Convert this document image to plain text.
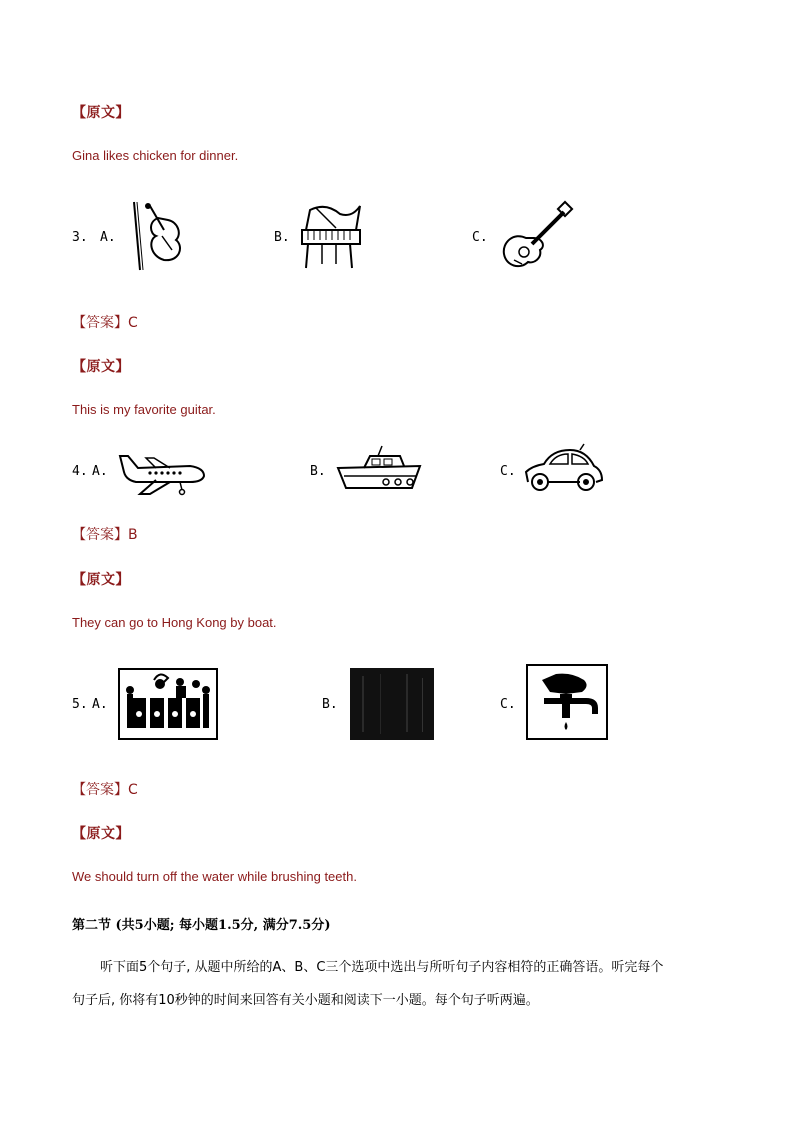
【原文】
Gina likes chicken for dinner.
3. A.	B.	C.
【答案】C
【原文】
This is my favorite guitar.
4. A.	B.	C.
【答案】B
【原文】
They can go to Hong Kong by boat.
5. A.	B.	C.
【答案】C
【原文】
We should turn off the water while brushing teeth.
第二节 (共5小题; 每小题1.5分, 满分7.5分)
听下面5个句子, 从题中所给的A、B、C三个选项中选出与所听句子内容相符的正确答语。听完每个
句子后, 你将有10秒钟的时间来回答有关小题和阅读下一小题。每个句子听两遍。
